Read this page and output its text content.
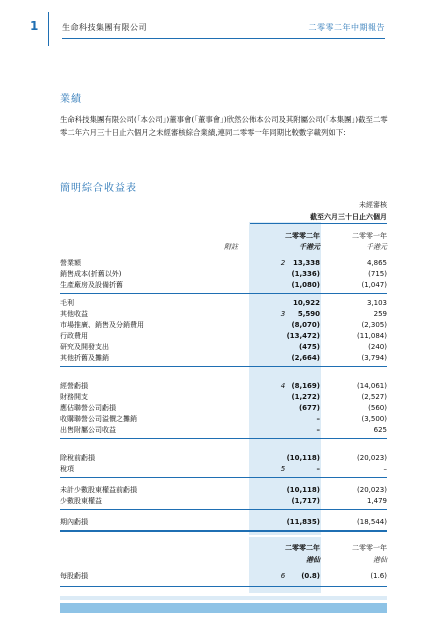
1	生命科技集團有限公司	二零零二年中期報告
業績
生命科技集團有限公司(「本公司」)董事會(「董事會」)欣然公佈本公司及其附屬公司(「本集團」)截至二零零二年六月三十日止六個月之未經審核綜合業績,連同二零零一年同期比較數字載列如下:
簡明綜合收益表
未經審核
截至六月三十日止六個月
二零零二年	二零零一年
附註	千港元	千港元
營業額	2	13,338	4,865
銷售成本(折舊以外)	(1,336)	(715)
生產廠房及設備折舊	(1,080)	(1,047)
毛利	10,922	3,103
其他收益	3	5,590	259
市場推廣、銷售及分銷費用	(8,070)	(2,305)
行政費用	(13,472)	(11,084)
研究及開發支出	(475)	(240)
其他折舊及攤銷	(2,664)	(3,794)
經營虧損	4 (8,169)	(14,061)
財務開支	(1,272)	(2,527)
應佔聯營公司虧損	(677)	(560)
收購聯營公司溢價之攤銷	–	(3,500)
出售附屬公司收益	–	625
除稅前虧損	(10,118)	(20,023)
稅項	5	–	–
未計少數股東權益前虧損	(10,118)	(20,023)
少數股東權益	(1,717)	1,479
期內虧損	(11,835)	(18,544)
二零零二年	二零零一年
港仙	港仙
每股虧損	6	(0.8)	(1.6)
